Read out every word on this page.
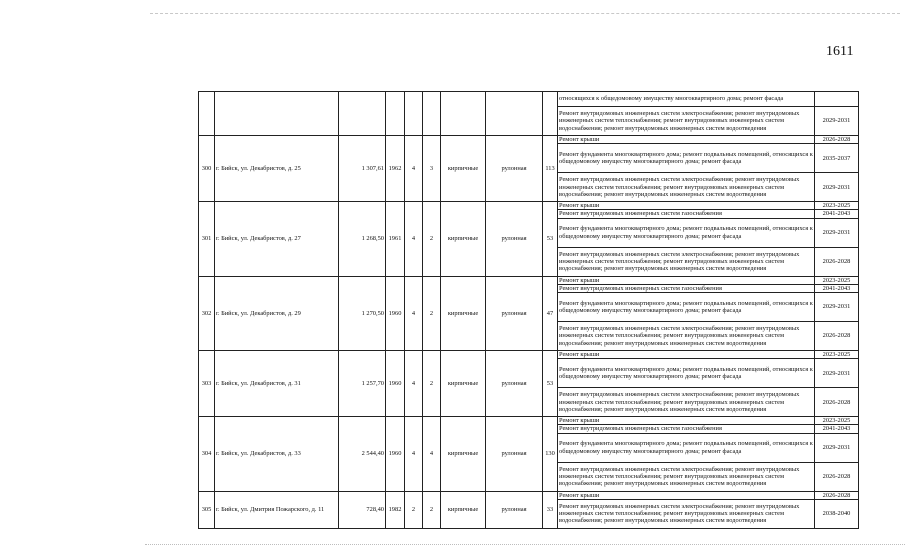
1611
									относящихся к общедомовому имуществу многоквартирного дома; ремонт фасада	
									Ремонт внутридомовых инженерных систем электроснабжения; ремонт внутридомовых инженерных систем теплоснабжения; ремонт внутридомовых инженерных систем водоснабжения; ремонт внутридомовых инженерных систем водоотведения	2029-2031
300	г. Бийск, ул. Декабристов, д. 25	1 307,61	1962	4	3	кирпичные	рулонная	113	Ремонт крыши	2026-2028
									Ремонт фундамента многоквартирного дома; ремонт подвальных помещений, относящихся к общедомовому имуществу многоквартирного дома; ремонт фасада	2035-2037
									Ремонт внутридомовых инженерных систем электроснабжения; ремонт внутридомовых инженерных систем теплоснабжения; ремонт внутридомовых инженерных систем водоснабжения; ремонт внутридомовых инженерных систем водоотведения	2029-2031
301	г. Бийск, ул. Декабристов, д. 27	1 268,50	1961	4	2	кирпичные	рулонная	53	Ремонт крыши	2023-2025
									Ремонт внутридомовых инженерных систем газоснабжения	2041-2043
									Ремонт фундамента многоквартирного дома; ремонт подвальных помещений, относящихся к общедомовому имуществу многоквартирного дома; ремонт фасада	2029-2031
									Ремонт внутридомовых инженерных систем электроснабжения; ремонт внутридомовых инженерных систем теплоснабжения; ремонт внутридомовых инженерных систем водоснабжения; ремонт внутридомовых инженерных систем водоотведения	2026-2028
302	г. Бийск, ул. Декабристов, д. 29	1 270,50	1960	4	2	кирпичные	рулонная	47	Ремонт крыши	2023-2025
									Ремонт внутридомовых инженерных систем газоснабжения	2041-2043
									Ремонт фундамента многоквартирного дома; ремонт подвальных помещений, относящихся к общедомовому имуществу многоквартирного дома; ремонт фасада	2029-2031
									Ремонт внутридомовых инженерных систем электроснабжения; ремонт внутридомовых инженерных систем теплоснабжения; ремонт внутридомовых инженерных систем водоснабжения; ремонт внутридомовых инженерных систем водоотведения	2026-2028
303	г. Бийск, ул. Декабристов, д. 31	1 257,70	1960	4	2	кирпичные	рулонная	53	Ремонт крыши	2023-2025
									Ремонт фундамента многоквартирного дома; ремонт подвальных помещений, относящихся к общедомовому имуществу многоквартирного дома; ремонт фасада	2029-2031
									Ремонт внутридомовых инженерных систем электроснабжения; ремонт внутридомовых инженерных систем теплоснабжения; ремонт внутридомовых инженерных систем водоснабжения; ремонт внутридомовых инженерных систем водоотведения	2026-2028
304	г. Бийск, ул. Декабристов, д. 33	2 544,40	1960	4	4	кирпичные	рулонная	130	Ремонт крыши	2023-2025
									Ремонт внутридомовых инженерных систем газоснабжения	2041-2043
									Ремонт фундамента многоквартирного дома; ремонт подвальных помещений, относящихся к общедомовому имуществу многоквартирного дома; ремонт фасада	2029-2031
									Ремонт внутридомовых инженерных систем электроснабжения; ремонт внутридомовых инженерных систем теплоснабжения; ремонт внутридомовых инженерных систем водоснабжения; ремонт внутридомовых инженерных систем водоотведения	2026-2028
305	г. Бийск, ул. Дмитрия Пожарского, д. 11	728,40	1982	2	2	кирпичные	рулонная	33	Ремонт крыши	2026-2028
									Ремонт внутридомовых инженерных систем электроснабжения; ремонт внутридомовых инженерных систем теплоснабжения; ремонт внутридомовых инженерных систем водоснабжения; ремонт внутридомовых инженерных систем водоотведения	2038-2040
